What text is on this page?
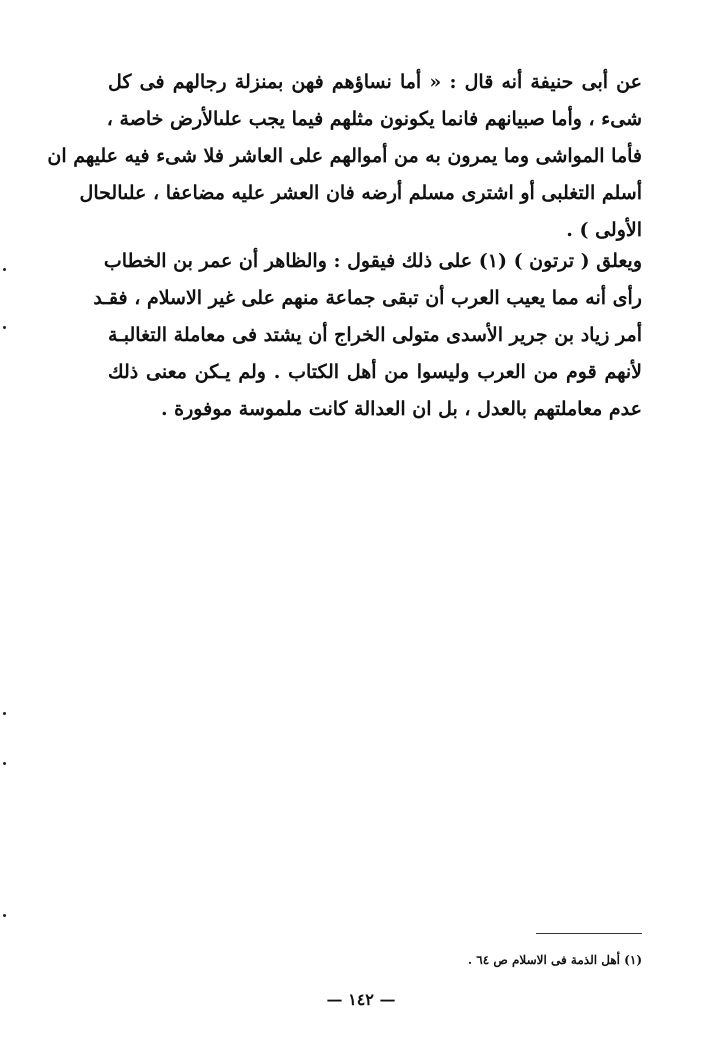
عن أبى حنيفة أنه قال : « أما نساؤهم فهن بمنزلة رجالهم فى كل
شىء ، وأما صبيانهم فانما يكونون مثلهم فيما يجب علىالأرض خاصة ،
فأما المواشى وما يمرون به من أموالهم على العاشر فلا شىء فيه عليهم ان
أسلم التغلبى أو اشترى مسلم أرضه فان العشر عليه مضاعفا ، علىالحال
الأولى ) .
ويعلق ( ترتون ) (١) على ذلك فيقول : والظاهر أن عمر بن الخطاب
رأى أنه مما يعيب العرب أن تبقى جماعة منهم على غير الاسلام ، فقـد
أمر زياد بن جرير الأسدى متولى الخراج أن يشتد فى معاملة التغالبـة
لأنهم قوم من العرب وليسوا من أهل الكتاب . ولم يـكن معنى ذلك
عدم معاملتهم بالعدل ، بل ان العدالة كانت ملموسة موفورة .
(١) أهل الذمة فى الاسلام ص ٦٤ .
— ١٤٢ —
